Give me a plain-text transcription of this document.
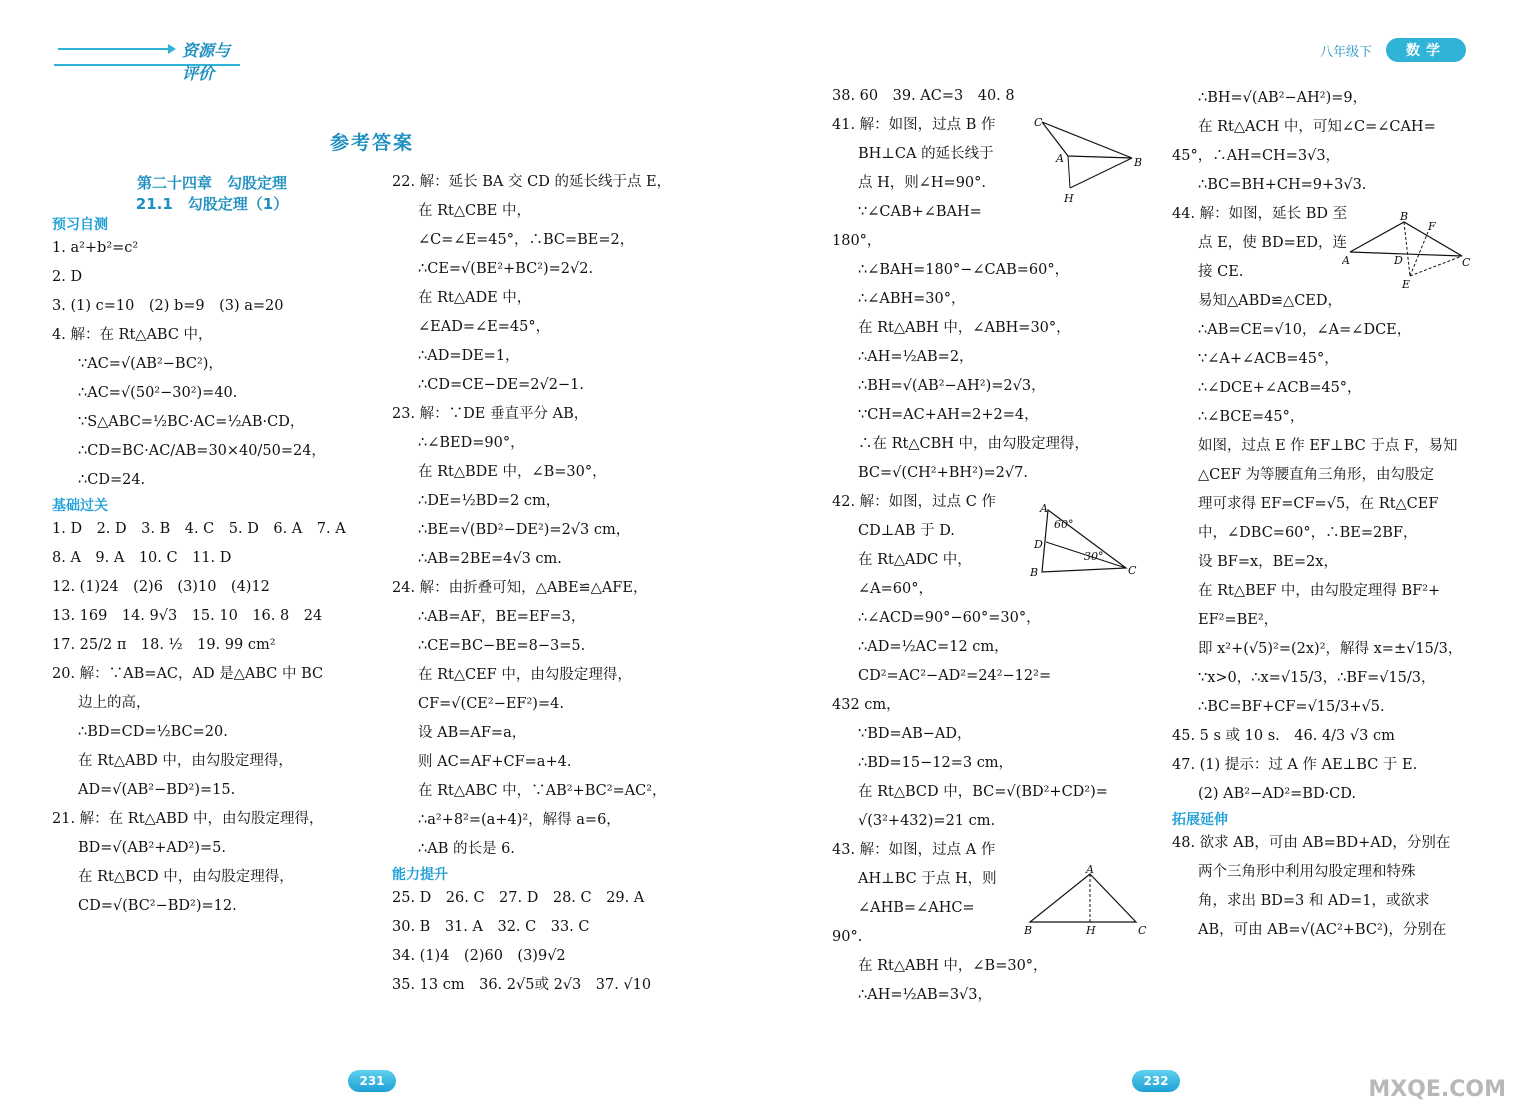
资源与评价
参考答案
第二十四章　勾股定理
21.1　勾股定理（1）
预习自测
1. a²+b²=c²
2. D
3. (1) c=10　(2) b=9　(3) a=20
4. 解：在 Rt△ABC 中，
∵AC=√(AB²−BC²)，
∴AC=√(50²−30²)=40.
∵S△ABC=½BC·AC=½AB·CD，
∴CD=BC·AC/AB=30×40/50=24，
∴CD=24.
基础过关
1. D　2. D　3. B　4. C　5. D　6. A　7. A
8. A　9. A　10. C　11. D
12. (1)24　(2)6　(3)10　(4)12
13. 169　14. 9√3　15. 10　16. 8　24
17. 25/2 π　18. ½　19. 99 cm²
20. 解：∵AB=AC，AD 是△ABC 中 BC
边上的高，
∴BD=CD=½BC=20.
在 Rt△ABD 中，由勾股定理得，
AD=√(AB²−BD²)=15.
21. 解：在 Rt△ABD 中，由勾股定理得，
BD=√(AB²+AD²)=5.
在 Rt△BCD 中，由勾股定理得，
CD=√(BC²−BD²)=12.
22. 解：延长 BA 交 CD 的延长线于点 E，
在 Rt△CBE 中，
∠C=∠E=45°，∴BC=BE=2，
∴CE=√(BE²+BC²)=2√2.
在 Rt△ADE 中，
∠EAD=∠E=45°，
∴AD=DE=1，
∴CD=CE−DE=2√2−1.
23. 解：∵DE 垂直平分 AB，
∴∠BED=90°，
在 Rt△BDE 中，∠B=30°，
∴DE=½BD=2 cm，
∴BE=√(BD²−DE²)=2√3 cm，
∴AB=2BE=4√3 cm.
24. 解：由折叠可知，△ABE≌△AFE，
∴AB=AF，BE=EF=3，
∴CE=BC−BE=8−3=5.
在 Rt△CEF 中，由勾股定理得，
CF=√(CE²−EF²)=4.
设 AB=AF=a，
则 AC=AF+CF=a+4.
在 Rt△ABC 中，∵AB²+BC²=AC²，
∴a²+8²=(a+4)²，解得 a=6，
∴AB 的长是 6.
能力提升
25. D　26. C　27. D　28. C　29. A
30. B　31. A　32. C　33. C
34. (1)4　(2)60　(3)9√2
35. 13 cm　36. 2√5或 2√3　37. √10
231
八年级下	数学
38. 60　39. AC=3　40. 8
41. 解：如图，过点 B 作
BH⊥CA 的延长线于
点 H，则∠H=90°.
∵∠CAB+∠BAH=
180°，
∴∠BAH=180°−∠CAB=60°，
∴∠ABH=30°，
在 Rt△ABH 中，∠ABH=30°，
∴AH=½AB=2，
∴BH=√(AB²−AH²)=2√3，
∵CH=AC+AH=2+2=4，
∴在 Rt△CBH 中，由勾股定理得，
BC=√(CH²+BH²)=2√7.
42. 解：如图，过点 C 作
CD⊥AB 于 D.
在 Rt△ADC 中，
∠A=60°，
∴∠ACD=90°−60°=30°，
∴AD=½AC=12 cm，
CD²=AC²−AD²=24²−12²=
432 cm，
∵BD=AB−AD，
∴BD=15−12=3 cm，
在 Rt△BCD 中，BC=√(BD²+CD²)=
√(3²+432)=21 cm.
43. 解：如图，过点 A 作
AH⊥BC 于点 H，则
∠AHB=∠AHC=
90°.
在 Rt△ABH 中，∠B=30°，
∴AH=½AB=3√3，
∴BH=√(AB²−AH²)=9，
在 Rt△ACH 中，可知∠C=∠CAH=
45°，∴AH=CH=3√3，
∴BC=BH+CH=9+3√3.
44. 解：如图，延长 BD 至
点 E，使 BD=ED，连
接 CE.
易知△ABD≌△CED，
∴AB=CE=√10，∠A=∠DCE，
∵∠A+∠ACB=45°，
∴∠DCE+∠ACB=45°，
∴∠BCE=45°，
如图，过点 E 作 EF⊥BC 于点 F，易知
△CEF 为等腰直角三角形，由勾股定
理可求得 EF=CF=√5，在 Rt△CEF
中，∠DBC=60°，∴BE=2BF，
设 BF=x，BE=2x，
在 Rt△BEF 中，由勾股定理得 BF²+
EF²=BE²，
即 x²+(√5)²=(2x)²，解得 x=±√15/3，
∵x>0，∴x=√15/3，∴BF=√15/3，
∴BC=BF+CF=√15/3+√5.
45. 5 s 或 10 s.　46. 4/3 √3 cm
47. (1) 提示：过 A 作 AE⊥BC 于 E.
(2) AB²−AD²=BD·CD.
拓展延伸
48. 欲求 AB，可由 AB=BD+AD，分别在
两个三角形中利用勾股定理和特殊
角，求出 BD=3 和 AD=1，或欲求
AB，可由 AB=√(AC²+BC²)，分别在
C
A	B
H
A
D
B	C
60°
30°
A
B	H	C
B
F
A	D	C
E
232	MXQE.COM
